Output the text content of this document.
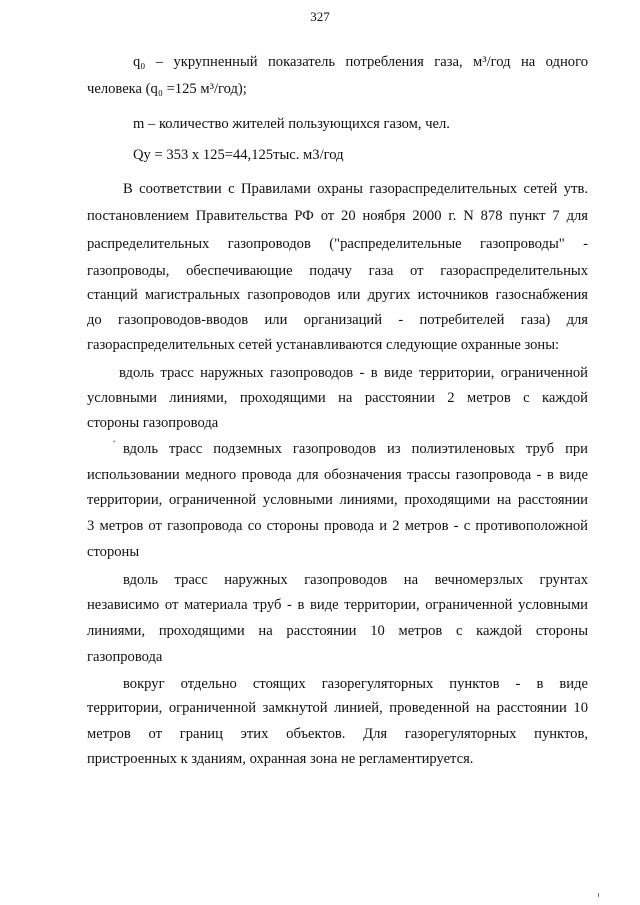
327
q₀ – укрупненный показатель потребления газа, м³/год на одного
человека (q₀ =125 м³/год);
m – количество жителей пользующихся газом, чел.
Qy = 353 x 125=44,125тыс. м3/год
В соответствии с Правилами охраны газораспределительных сетей утв.
постановлением Правительства РФ от 20 ноября 2000 г. N 878 пункт 7 для
распределительных газопроводов ("распределительные газопроводы" -
газопроводы, обеспечивающие подачу газа от газораспределительных
станций магистральных газопроводов или других источников газоснабжения
до газопроводов-вводов или организаций - потребителей газа) для
газораспределительных сетей устанавливаются следующие охранные зоны:
вдоль трасс наружных газопроводов - в виде территории, ограниченной
условными линиями, проходящими на расстоянии 2 метров с каждой
стороны газопровода
´ вдоль трасс подземных газопроводов из полиэтиленовых труб при
использовании медного провода для обозначения трассы газопровода - в виде
территории, ограниченной условными линиями, проходящими на расстоянии
3 метров от газопровода со стороны провода и 2 метров - с противоположной
стороны
вдоль трасс наружных газопроводов на вечномерзлых грунтах
независимо от материала труб - в виде территории, ограниченной условными
линиями, проходящими на расстоянии 10 метров с каждой стороны
газопровода
вокруг отдельно стоящих газорегуляторных пунктов - в виде
территории, ограниченной замкнутой линией, проведенной на расстоянии 10
метров от границ этих объектов. Для газорегуляторных пунктов,
пристроенных к зданиям, охранная зона не регламентируется.
